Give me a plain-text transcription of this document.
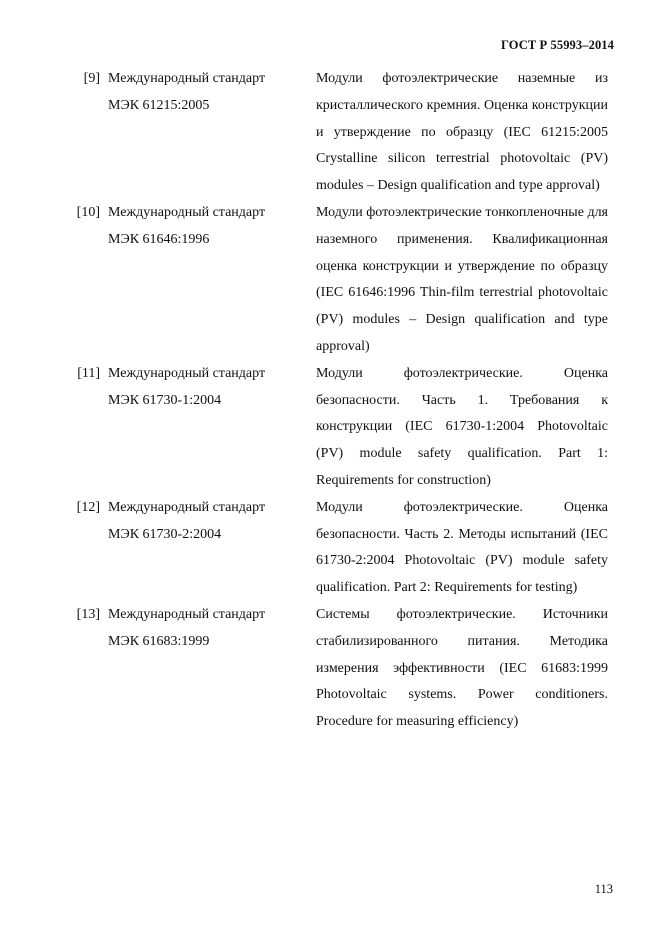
ГОСТ Р 55993–2014
[9] Международный стандарт
МЭК 61215:2005
Модули фотоэлектрические наземные из кристаллического кремния. Оценка конструкции и утверждение по образцу (IEC 61215:2005 Crystalline silicon terrestrial photovoltaic (PV) modules – Design qualification and type approval)
[10] Международный стандарт
МЭК 61646:1996
Модули фотоэлектрические тонкопленочные для наземного применения. Квалификационная оценка конструкции и утверждение по образцу (IEC 61646:1996 Thin-film terrestrial photovoltaic (PV) modules – Design qualification and type approval)
[11] Международный стандарт
МЭК 61730-1:2004
Модули фотоэлектрические. Оценка безопасности. Часть 1. Требования к конструкции (IEC 61730-1:2004 Photovoltaic (PV) module safety qualification. Part 1: Requirements for construction)
[12] Международный стандарт
МЭК 61730-2:2004
Модули фотоэлектрические. Оценка безопасности. Часть 2. Методы испытаний (IEC 61730-2:2004 Photovoltaic (PV) module safety qualification. Part 2: Requirements for testing)
[13] Международный стандарт
МЭК 61683:1999
Системы фотоэлектрические. Источники стабилизированного питания. Методика измерения эффективности (IEC 61683:1999 Photovoltaic systems. Power conditioners. Procedure for measuring efficiency)
113
